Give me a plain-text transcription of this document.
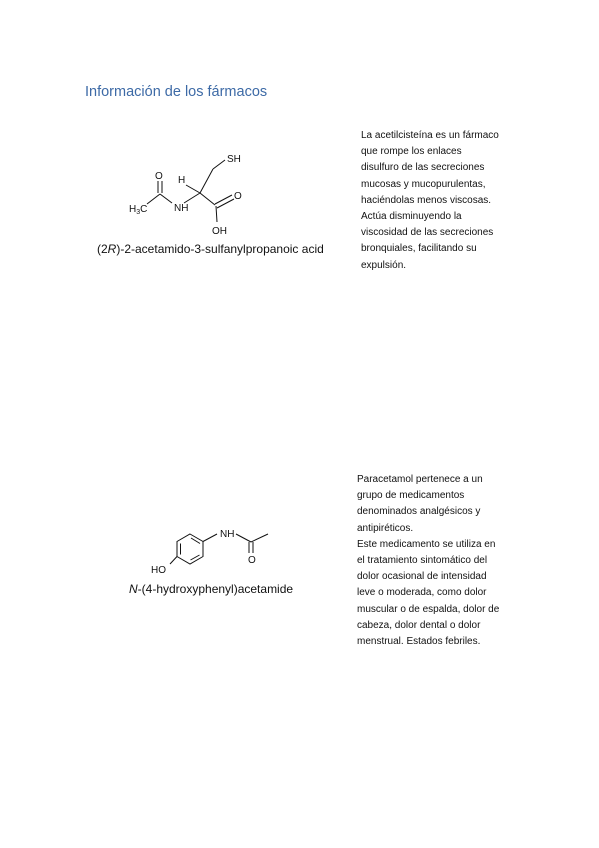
Información de los fármacos
SH
H
O
$H_3C$	NH
O
OH
(2R)-2-acetamido-3-sulfanylpropanoic acid
La acetilcisteína es un fármaco
que rompe los enlaces
disulfuro de las secreciones
mucosas y mucopurulentas,
haciéndolas menos viscosas.
Actúa disminuyendo la
viscosidad de las secreciones
bronquiales, facilitando su
expulsión.
NH
O
HO
N-(4-hydroxyphenyl)acetamide
Paracetamol pertenece a un
grupo de medicamentos
denominados analgésicos y
antipiréticos.
Este medicamento se utiliza en
el tratamiento sintomático del
dolor ocasional de intensidad
leve o moderada, como dolor
muscular o de espalda, dolor de
cabeza, dolor dental o dolor
menstrual. Estados febriles.
